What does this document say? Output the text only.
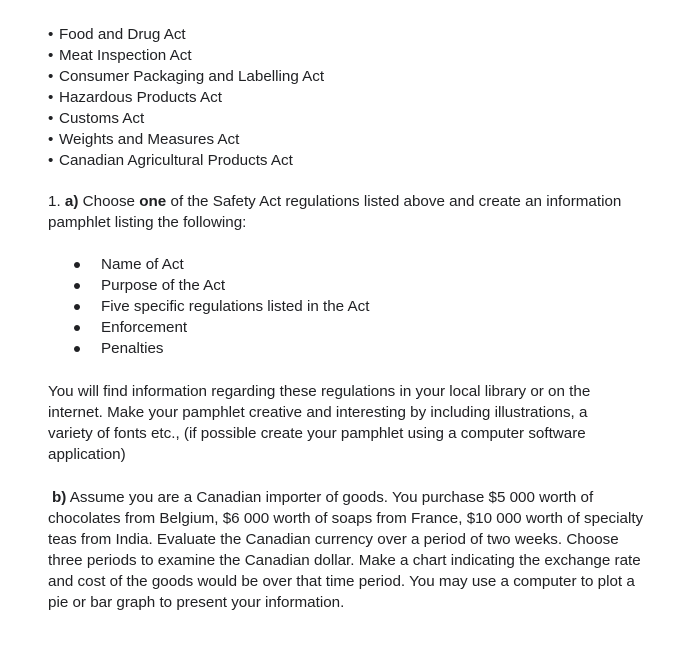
• Food and Drug Act
• Meat Inspection Act
• Consumer Packaging and Labelling Act
• Hazardous Products Act
• Customs Act
• Weights and Measures Act
• Canadian Agricultural Products Act

1. a) Choose one of the Safety Act regulations listed above and create an information pamphlet listing the following:

Name of Act
Purpose of the Act
Five specific regulations listed in the Act
Enforcement
Penalties

You will find information regarding these regulations in your local library or on the internet. Make your pamphlet creative and interesting by including illustrations, a variety of fonts etc., (if possible create your pamphlet using a computer software application)

b) Assume you are a Canadian importer of goods. You purchase $5 000 worth of chocolates from Belgium, $6 000 worth of soaps from France, $10 000 worth of specialty teas from India. Evaluate the Canadian currency over a period of two weeks. Choose three periods to examine the Canadian dollar. Make a chart indicating the exchange rate and cost of the goods would be over that time period. You may use a computer to plot a pie or bar graph to present your information.
